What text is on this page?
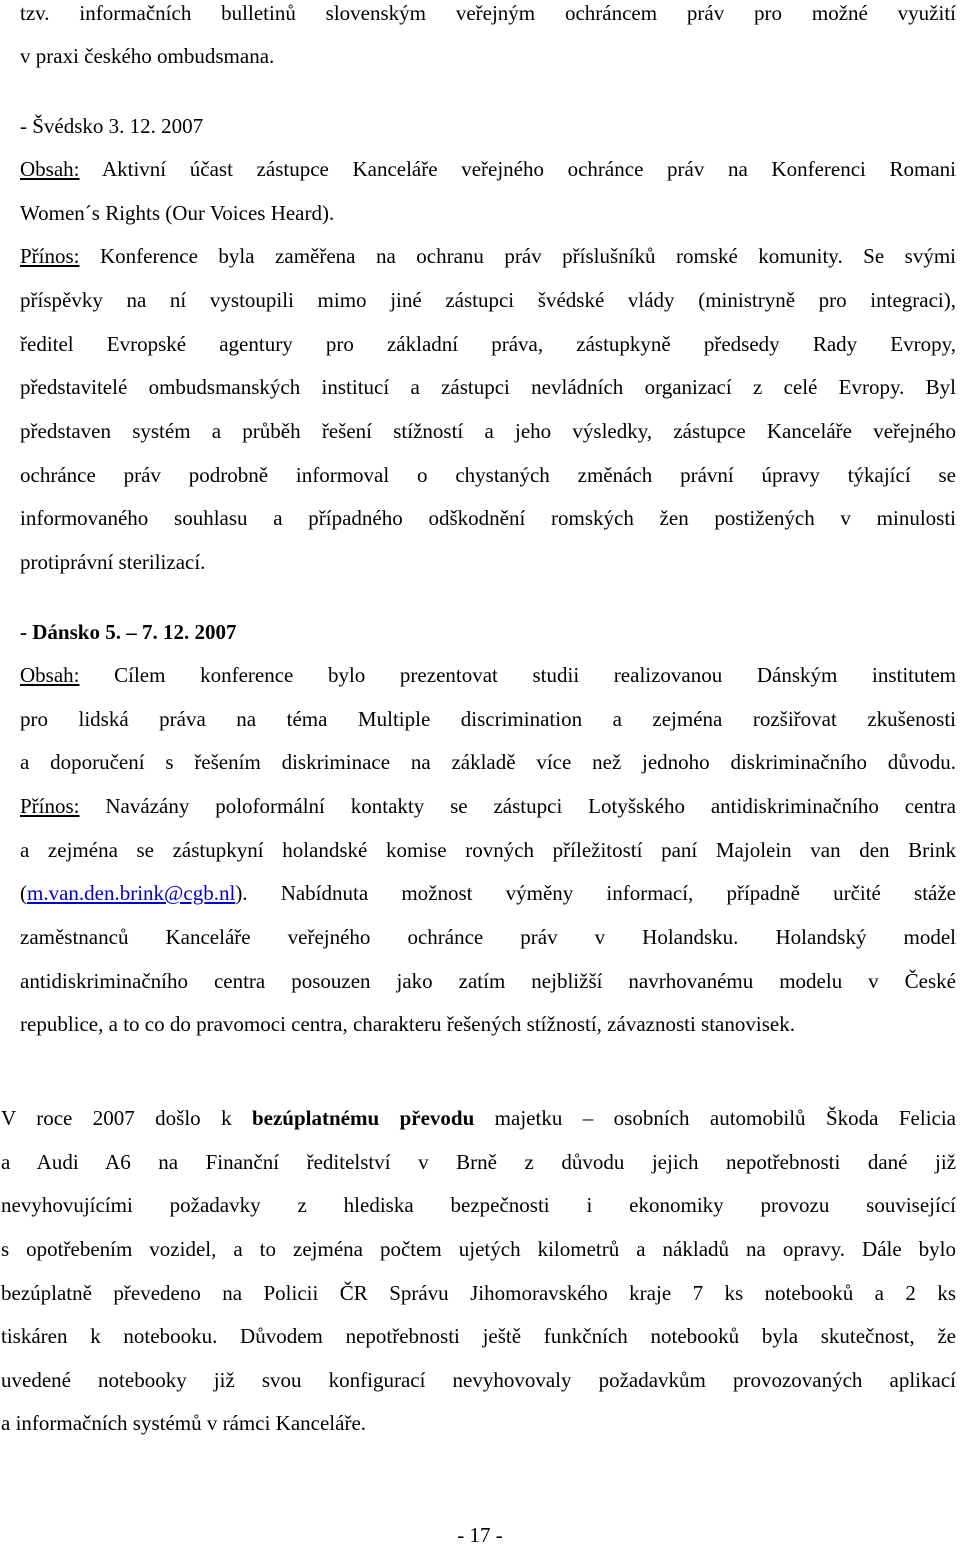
tzv. informačních bulletinů slovenským veřejným ochráncem práv pro možné využití
v praxi českého ombudsmana.
- Švédsko 3. 12. 2007
Obsah: Aktivní účast zástupce Kanceláře veřejného ochránce práv na Konferenci Romani
Women´s Rights (Our Voices Heard).
Přínos: Konference byla zaměřena na ochranu práv příslušníků romské komunity. Se svými
příspěvky na ní vystoupili mimo jiné zástupci švédské vlády (ministryně pro integraci),
ředitel Evropské agentury pro základní práva, zástupkyně předsedy Rady Evropy,
představitelé ombudsmanských institucí a zástupci nevládních organizací z celé Evropy. Byl
představen systém a průběh řešení stížností a jeho výsledky, zástupce Kanceláře veřejného
ochránce práv podrobně informoval o chystaných změnách právní úpravy týkající se
informovaného souhlasu a případného odškodnění romských žen postižených v minulosti
protiprávní sterilizací.
- Dánsko 5. – 7. 12. 2007
Obsah: Cílem konference bylo prezentovat studii realizovanou Dánským institutem
pro lidská práva na téma Multiple discrimination a zejména rozšiřovat zkušenosti
a doporučení s řešením diskriminace na základě více než jednoho diskriminačního důvodu.
Přínos: Navázány poloformální kontakty se zástupci Lotyšského antidiskriminačního centra
a zejména se zástupkyní holandské komise rovných příležitostí paní Majolein van den Brink
(m.van.den.brink@cgb.nl). Nabídnuta možnost výměny informací, případně určité stáže
zaměstnanců Kanceláře veřejného ochránce práv v Holandsku. Holandský model
antidiskriminačního centra posouzen jako zatím nejbližší navrhovanému modelu v České
republice, a to co do pravomoci centra, charakteru řešených stížností, závaznosti stanovisek.
V roce 2007 došlo k bezúplatnému převodu majetku – osobních automobilů Škoda Felicia
a Audi A6 na Finanční ředitelství v Brně z důvodu jejich nepotřebnosti dané již
nevyhovujícími požadavky z hlediska bezpečnosti i ekonomiky provozu související
s opotřebením vozidel, a to zejména počtem ujetých kilometrů a nákladů na opravy. Dále bylo
bezúplatně převedeno na Policii ČR Správu Jihomoravského kraje 7 ks notebooků a 2 ks
tiskáren k notebooku. Důvodem nepotřebnosti ještě funkčních notebooků byla skutečnost, že
uvedené notebooky již svou konfigurací nevyhovovaly požadavkům provozovaných aplikací
a informačních systémů v rámci Kanceláře.
- 17 -
